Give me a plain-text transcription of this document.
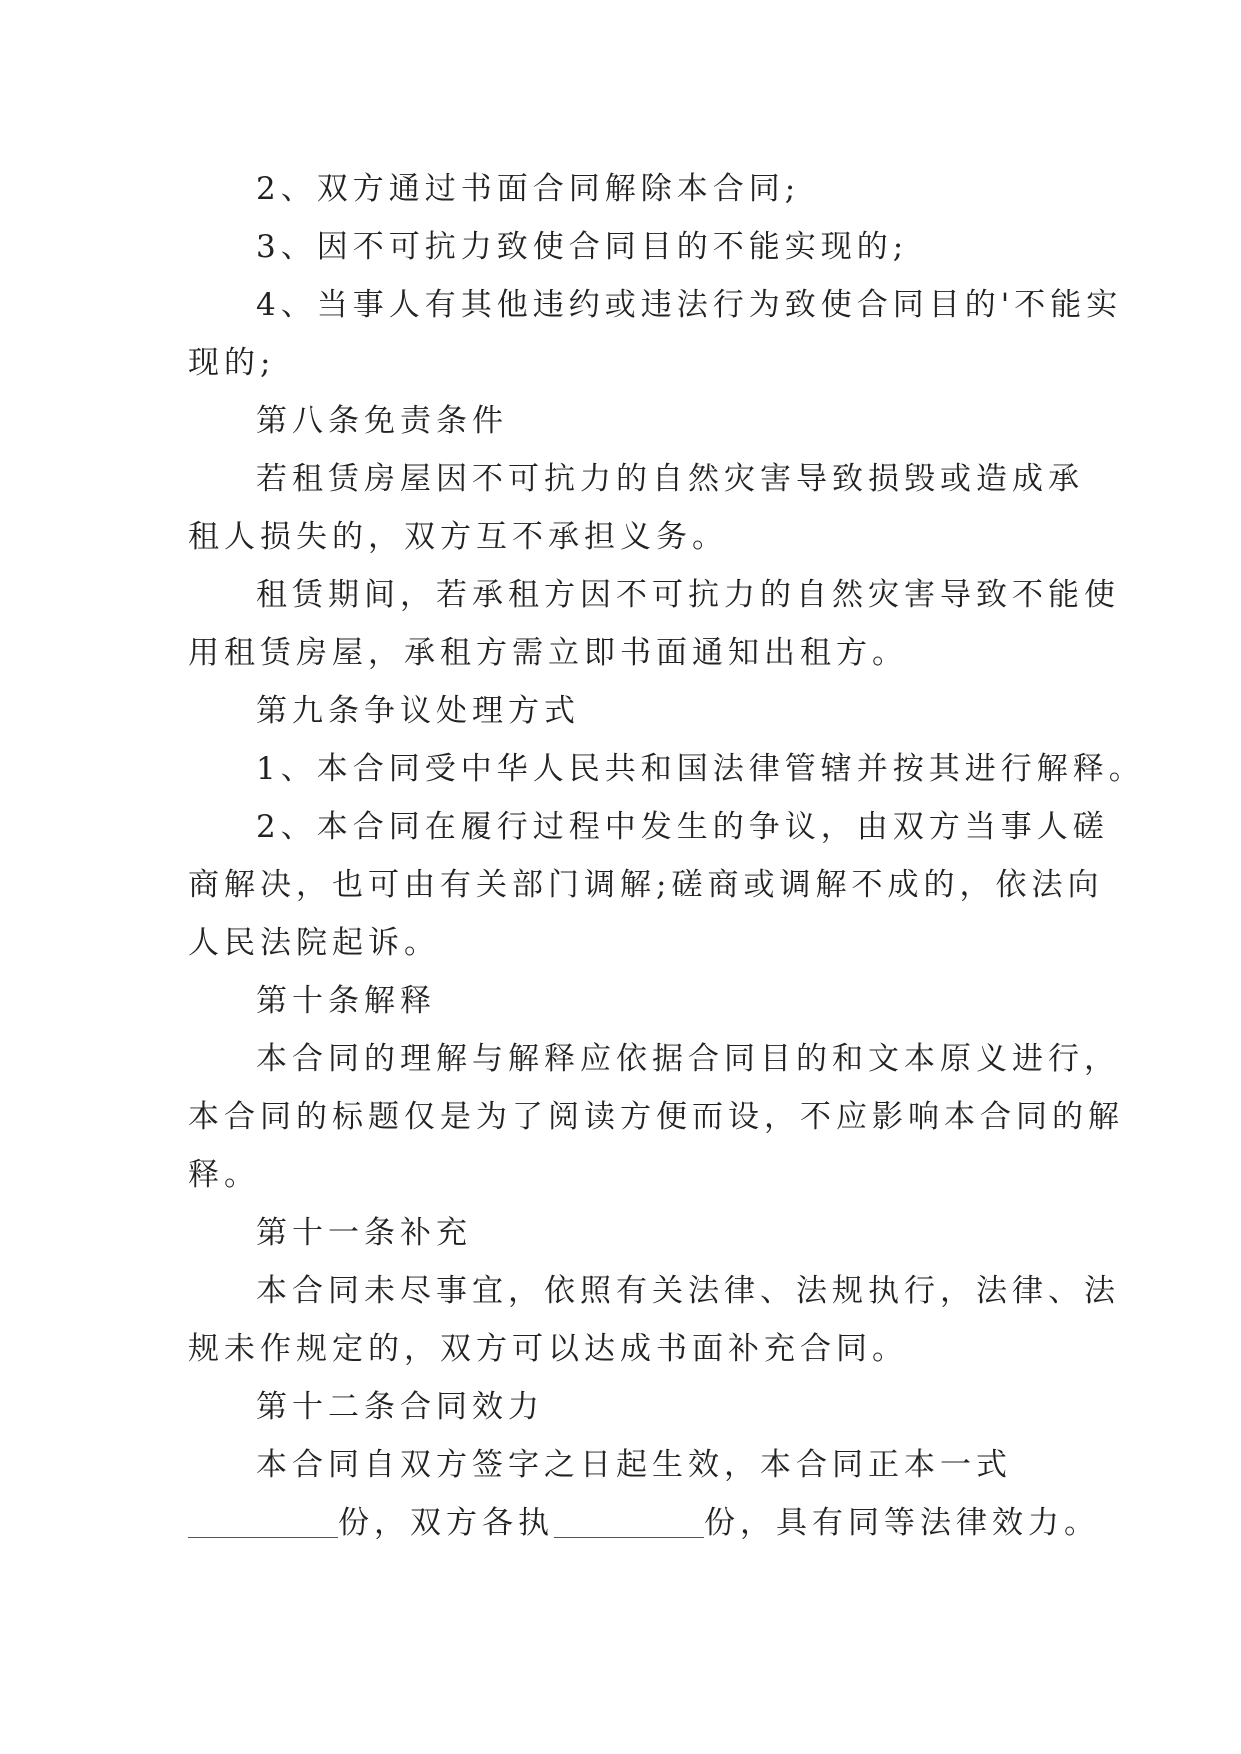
2、双方通过书面合同解除本合同;
3、因不可抗力致使合同目的不能实现的;
4、当事人有其他违约或违法行为致使合同目的'不能实
现的;
第八条免责条件
若租赁房屋因不可抗力的自然灾害导致损毁或造成承
租人损失的，双方互不承担义务。
租赁期间，若承租方因不可抗力的自然灾害导致不能使
用租赁房屋，承租方需立即书面通知出租方。
第九条争议处理方式
1、本合同受中华人民共和国法律管辖并按其进行解释。
2、本合同在履行过程中发生的争议，由双方当事人磋
商解决，也可由有关部门调解;磋商或调解不成的，依法向
人民法院起诉。
第十条解释
本合同的理解与解释应依据合同目的和文本原义进行，
本合同的标题仅是为了阅读方便而设，不应影响本合同的解
释。
第十一条补充
本合同未尽事宜，依照有关法律、法规执行，法律、法
规未作规定的，双方可以达成书面补充合同。
第十二条合同效力
本合同自双方签字之日起生效，本合同正本一式
份，双方各执	份，具有同等法律效力。
